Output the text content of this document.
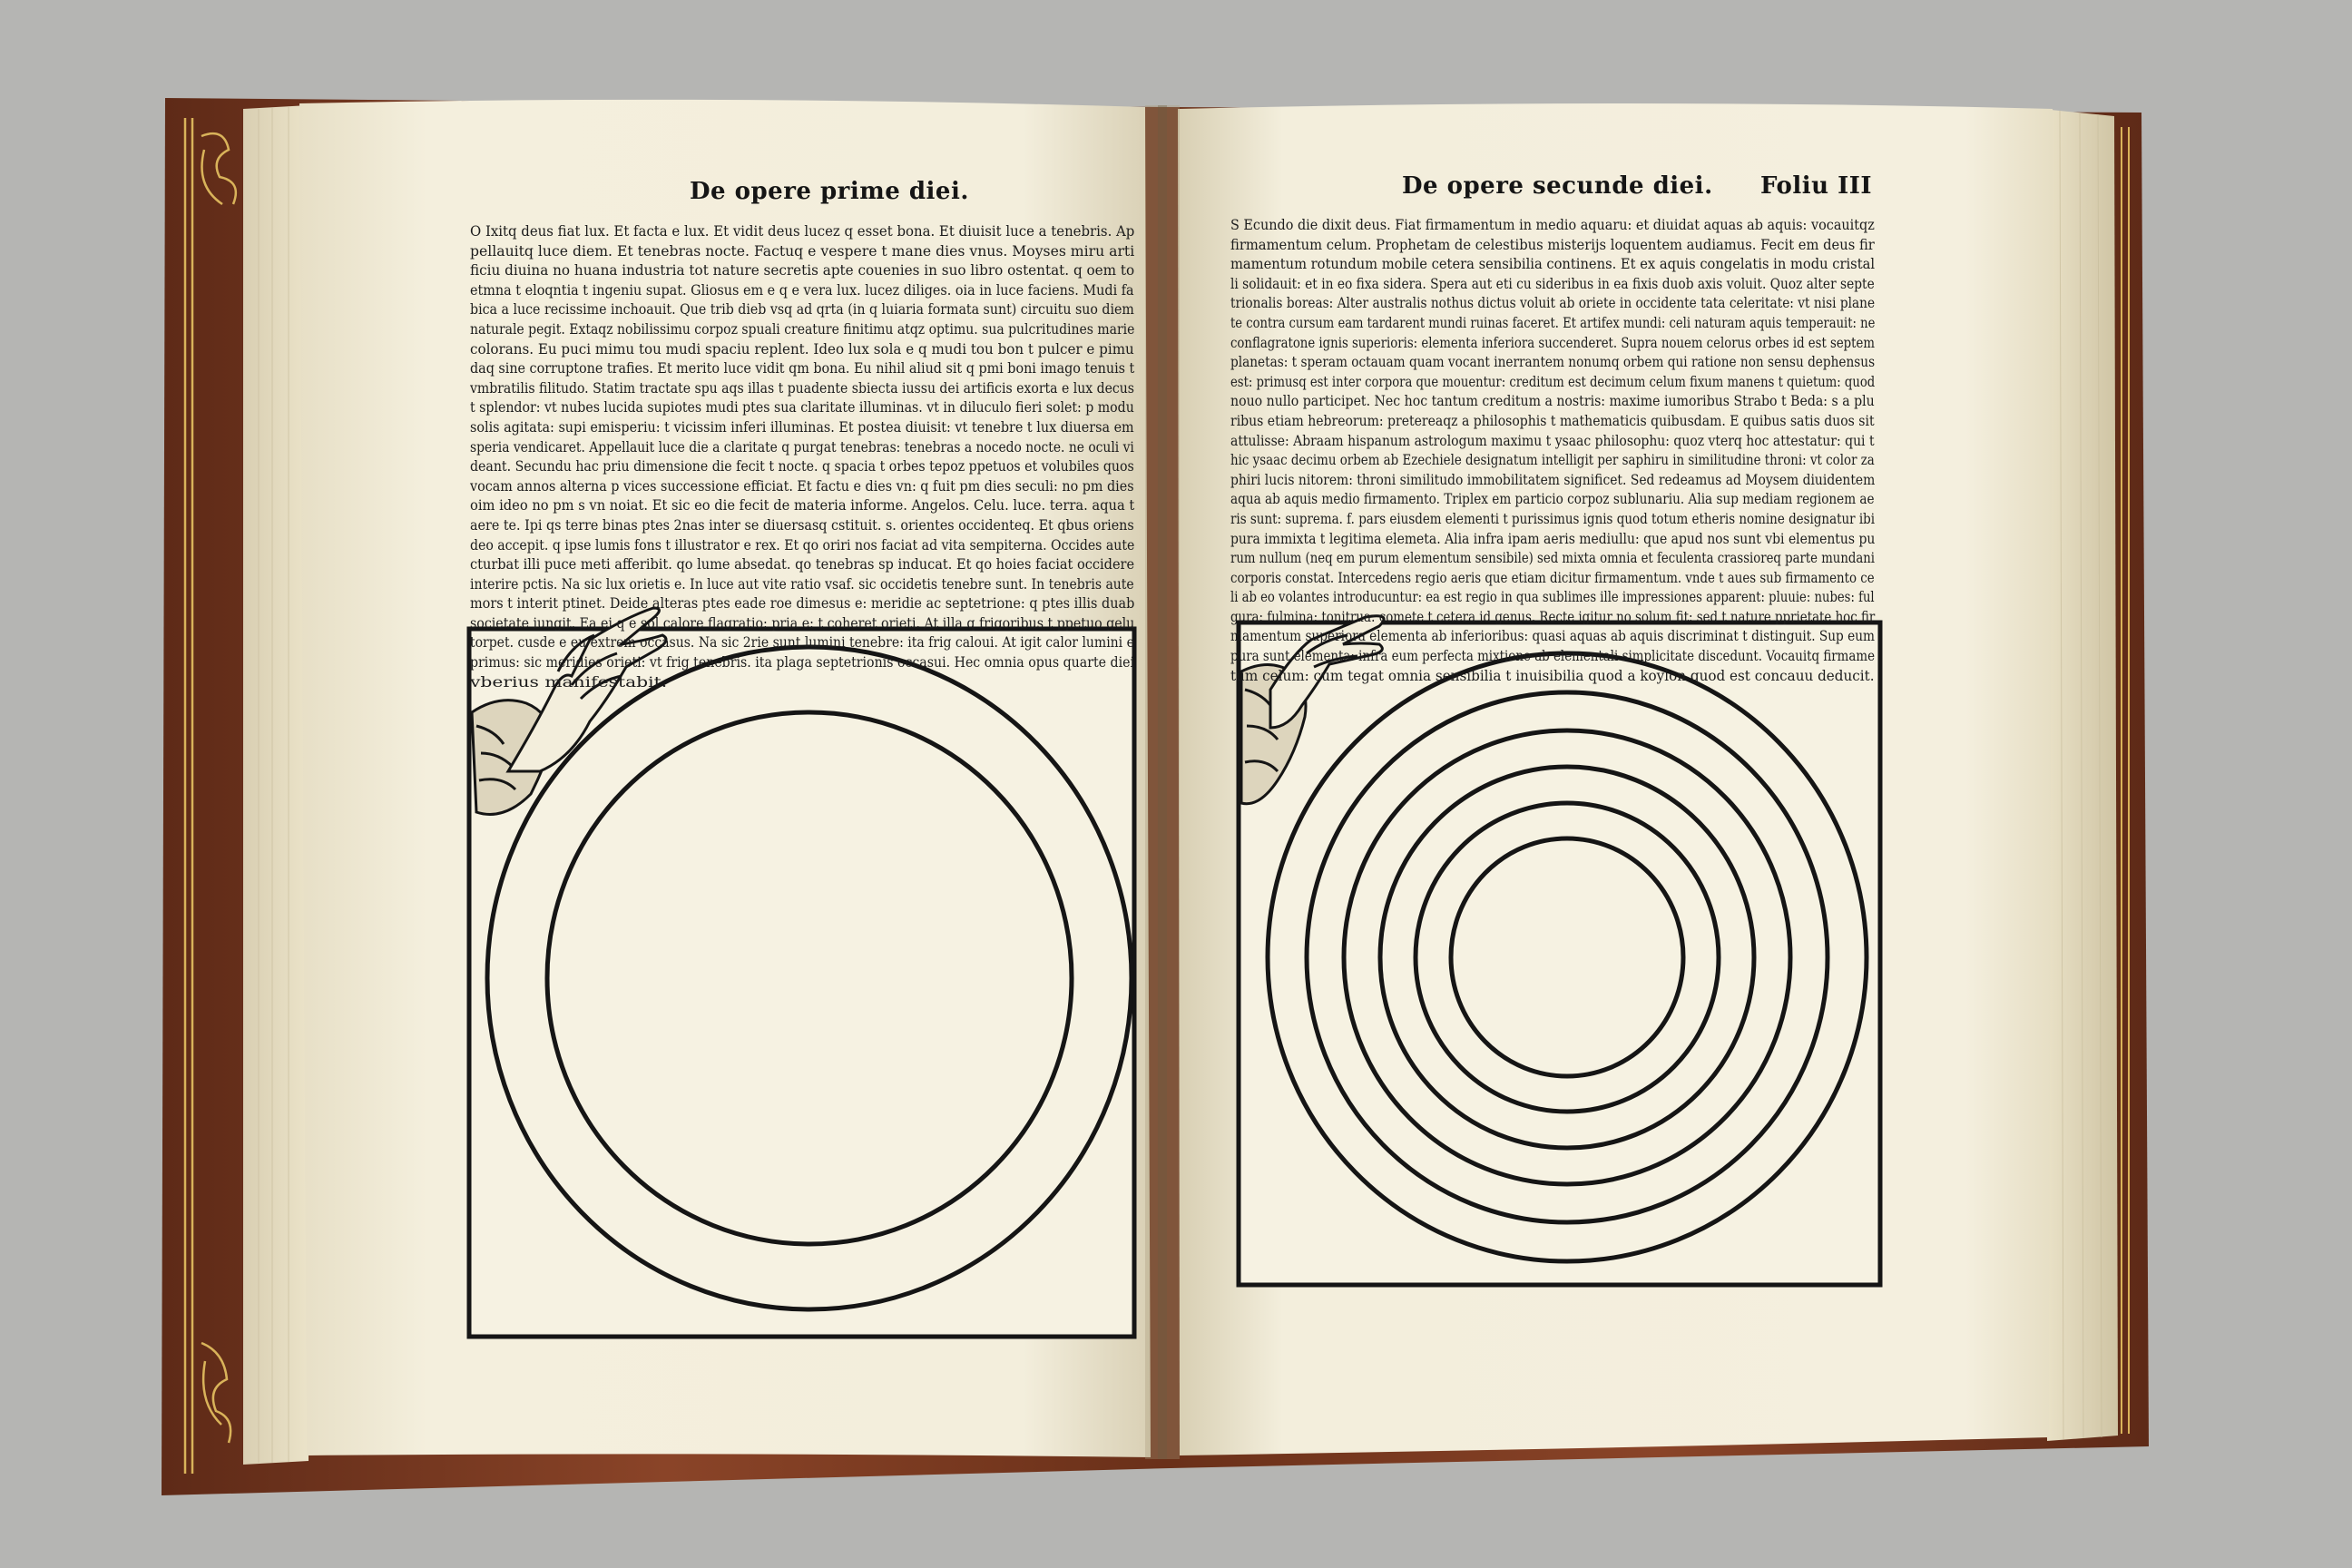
De opere prime diei.
O Ixitq deus fiat lux. Et facta e lux. Et vidit deus lucez q esset bona. Et diuisit luce a tenebris. Ap
pellauitq luce diem. Et tenebras nocte. Factuq e vespere t mane dies vnus. Moyses miru arti
ficiu diuina no huana industria tot nature secretis apte couenies in suo libro ostentat. q oem to
etmna t eloqntia t ingeniu supat. Gliosus em e q e vera lux. lucez diliges. oia in luce faciens. Mudi fa
bica a luce recissime inchoauit. Que trib dieb vsq ad qrta (in q luiaria formata sunt) circuitu suo diem
naturale pegit. Extaqz nobilissimu corpoz spuali creature finitimu atqz optimu. sua pulcritudines marie
colorans. Eu puci mimu tou mudi spaciu replent. Ideo lux sola e q mudi tou bon t pulcer e pimu
daq sine corruptone trafies. Et merito luce vidit qm bona. Eu nihil aliud sit q pmi boni imago tenuis t
vmbratilis filitudo. Statim tractate spu aqs illas t puadente sbiecta iussu dei artificis exorta e lux decus
t splendor: vt nubes lucida supiotes mudi ptes sua claritate illuminas. vt in diluculo fieri solet: p modu
solis agitata: supi emisperiu: t vicissim inferi illuminas. Et postea diuisit: vt tenebre t lux diuersa em
speria vendicaret. Appellauit luce die a claritate q purgat tenebras: tenebras a nocedo nocte. ne oculi vi
deant. Secundu hac priu dimensione die fecit t nocte. q spacia t orbes tepoz ppetuos et volubiles quos
vocam annos alterna p vices successione efficiat. Et factu e dies vn: q fuit pm dies seculi: no pm dies
oim ideo no pm s vn noiat. Et sic eo die fecit de materia informe. Angelos. Celu. luce. terra. aqua t
aere te. Ipi qs terre binas ptes 2nas inter se diuersasq cstituit. s. orientes occidenteq. Et qbus oriens
deo accepit. q ipse lumis fons t illustrator e rex. Et qo oriri nos faciat ad vita sempiterna. Occides aute
cturbat illi puce meti afferibit. qo lume absedat. qo tenebras sp inducat. Et qo hoies faciat occidere
interire pctis. Na sic lux orietis e. In luce aut vite ratio vsaf. sic occidetis tenebre sunt. In tenebris aute
mors t interit ptinet. Deide alteras ptes eade roe dimesus e: meridie ac septetrione: q ptes illis duab
societate iungit. Ea ei q e sol calore flagratio: pria e: t coheret orieti. At illa q frigoribus t ppetuo gelu
torpet. cusde e eu extrem occasus. Na sic 2rie sunt lumini tenebre: ita frig caloui. At igit calor lumini e
primus: sic meridies orieti: vt frig tenebris. ita plaga septetrionis occasui. Hec omnia opus quarte diei
vberius manifestabit.
De opere secunde diei. Foliu III
S Ecundo die dixit deus. Fiat firmamentum in medio aquaru: et diuidat aquas ab aquis: vocauitqz
firmamentum celum. Prophetam de celestibus misterijs loquentem audiamus. Fecit em deus fir
mamentum rotundum mobile cetera sensibilia continens. Et ex aquis congelatis in modu cristal
li solidauit: et in eo fixa sidera. Spera aut eti cu sideribus in ea fixis duob axis voluit. Quoz alter septe
trionalis boreas: Alter australis nothus dictus voluit ab oriete in occidente tata celeritate: vt nisi plane
te contra cursum eam tardarent mundi ruinas faceret. Et artifex mundi: celi naturam aquis temperauit: ne
conflagratone ignis superioris: elementa inferiora succenderet. Supra nouem celorus orbes id est septem
planetas: t speram octauam quam vocant inerrantem nonumq orbem qui ratione non sensu dephensus
est: primusq est inter corpora que mouentur: creditum est decimum celum fixum manens t quietum: quod
nouo nullo participet. Nec hoc tantum creditum a nostris: maxime iumoribus Strabo t Beda: s a plu
ribus etiam hebreorum: pretereaqz a philosophis t mathematicis quibusdam. E quibus satis duos sit
attulisse: Abraam hispanum astrologum maximu t ysaac philosophu: quoz vterq hoc attestatur: qui t
hic ysaac decimu orbem ab Ezechiele designatum intelligit per saphiru in similitudine throni: vt color za
phiri lucis nitorem: throni similitudo immobilitatem significet. Sed redeamus ad Moysem diuidentem
aqua ab aquis medio firmamento. Triplex em particio corpoz sublunariu. Alia sup mediam regionem ae
ris sunt: suprema. f. pars eiusdem elementi t purissimus ignis quod totum etheris nomine designatur ibi
pura immixta t legitima elemeta. Alia infra ipam aeris mediullu: que apud nos sunt vbi elementus pu
rum nullum (neq em purum elementum sensibile) sed mixta omnia et feculenta crassioreq parte mundani
corporis constat. Intercedens regio aeris que etiam dicitur firmamentum. vnde t aues sub firmamento ce
li ab eo volantes introducuntur: ea est regio in qua sublimes ille impressiones apparent: pluuie: nubes: ful
gura: fulmina: tonitrua: comete t cetera id genus. Recte igitur no solum fit: sed t nature pprietate hoc fir
mamentum superiora elementa ab inferioribus: quasi aquas ab aquis discriminat t distinguit. Sup eum
pura sunt elementa: infra eum perfecta mixtione ab elementali simplicitate discedunt. Vocauitq firmame
tum celum: cum tegat omnia sensibilia t inuisibilia quod a koylon quod est concauu deducit.
